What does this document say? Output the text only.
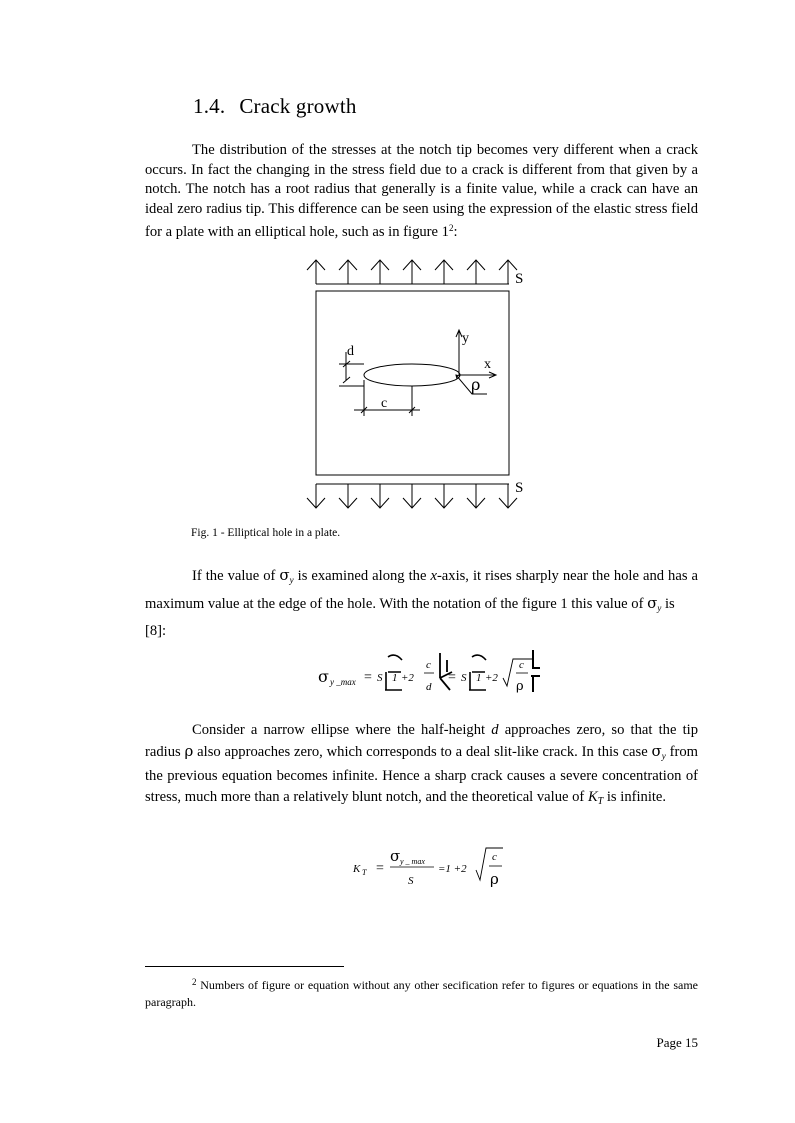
1.4. Crack growth

The distribution of the stresses at the notch tip becomes very different when a crack occurs. In fact the changing in the stress field due to a crack is different from that given by a notch. The notch has a root radius that generally is a finite value, while a crack can have an ideal zero radius tip. This difference can be seen using the expression of the elastic stress field for a plate with an elliptical hole, such as in figure $1^2$:

S
S
y
x
d
c
ρ
Fig. 1 - Elliptical hole in a plate.

If the value of $\sigma_y$ is examined along the x-axis, it rises sharply near the hole and has a maximum value at the edge of the hole. With the notation of the figure 1 this value of $\sigma_y$ is

[8]:
σ y _max = S 1 +2
c
d
= S 1 +2
c
ρ

Consider a narrow ellipse where the half-height d approaches zero, so that the tip radius ρ also approaches zero, which corresponds to a deal slit-like crack. In this case $\sigma_y$ from the previous equation becomes infinite. Hence a sharp crack causes a severe concentration of stress, much more than a relatively blunt notch, and the theoretical value of $K_T$ is infinite.

K T =
σ y _ max
S
=1 +2
c
ρ

$^2$ Numbers of figure or equation without any other secification refer to figures or equations in the same paragraph.

Page 15
